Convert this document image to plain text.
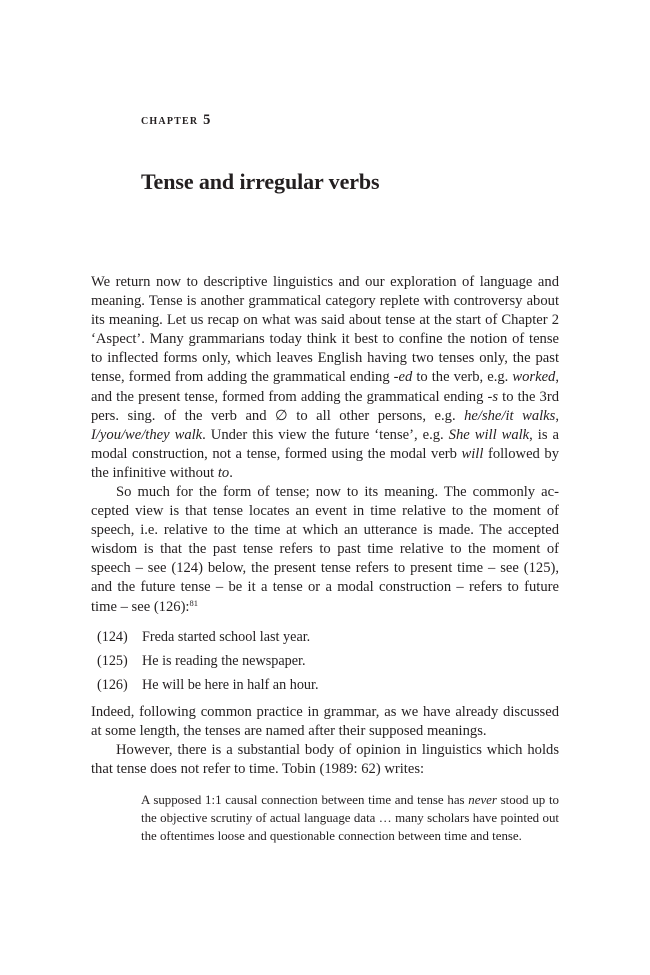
chapter 5
Tense and irregular verbs

We return now to descriptive linguistics and our exploration of language and meaning. Tense is another grammatical category replete with controversy about its meaning. Let us recap on what was said about tense at the start of Chapter 2 ‘Aspect’. Many grammarians today think it best to confine the notion of tense to inflected forms only, which leaves English having two tenses only, the past tense, formed from adding the grammatical ending -ed to the verb, e.g. worked, and the present tense, formed from adding the grammatical ending -s to the 3rd pers. sing. of the verb and ∅ to all other persons, e.g. he/she/it walks, I/you/we/they walk. Under this view the future ‘tense’, e.g. She will walk, is a modal construction, not a tense, formed using the modal verb will followed by the infinitive without to.

So much for the form of tense; now to its meaning. The commonly accepted view is that tense locates an event in time relative to the moment of speech, i.e. relative to the time at which an utterance is made. The accepted wisdom is that the past tense refers to past time relative to the moment of speech – see (124) below, the present tense refers to present time – see (125), and the future tense – be it a tense or a modal construction – refers to future time – see (126):$^{81}$

(124)	Freda started school last year.
(125)	He is reading the newspaper.
(126)	He will be here in half an hour.

Indeed, following common practice in grammar, as we have already discussed at some length, the tenses are named after their supposed meanings.

However, there is a substantial body of opinion in linguistics which holds that tense does not refer to time. Tobin (1989: 62) writes:

A supposed 1:1 causal connection between time and tense has never stood up to the objective scrutiny of actual language data … many scholars have pointed out the oftentimes loose and questionable connection between time and tense.
